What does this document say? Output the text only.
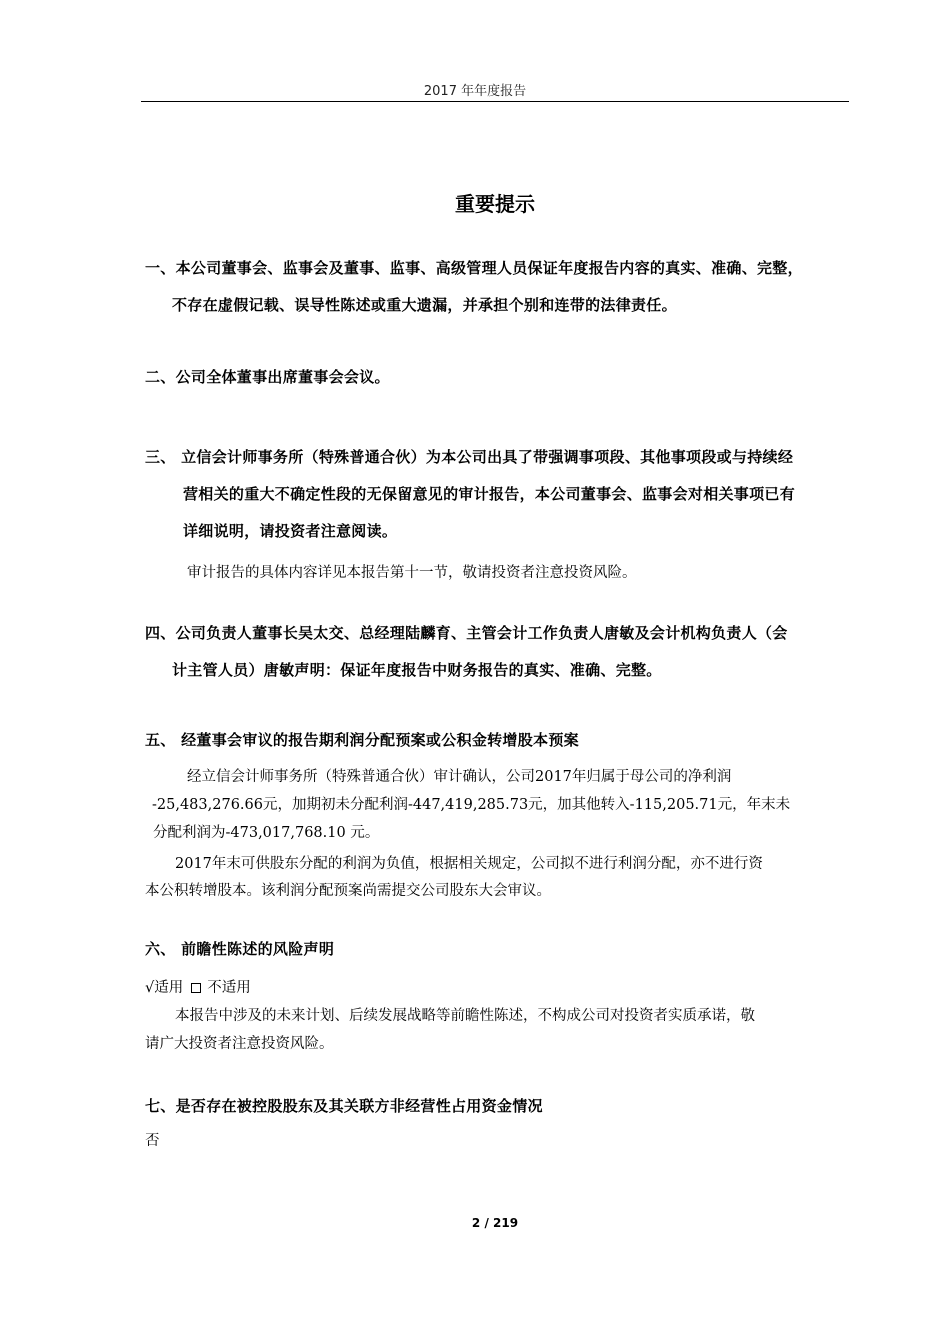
2017 年年度报告
重要提示
一、本公司董事会、监事会及董事、监事、高级管理人员保证年度报告内容的真实、准确、完整，
不存在虚假记载、误导性陈述或重大遗漏，并承担个别和连带的法律责任。
二、公司全体董事出席董事会会议。
三、 立信会计师事务所（特殊普通合伙）为本公司出具了带强调事项段、其他事项段或与持续经
营相关的重大不确定性段的无保留意见的审计报告，本公司董事会、监事会对相关事项已有
详细说明，请投资者注意阅读。
审计报告的具体内容详见本报告第十一节，敬请投资者注意投资风险。
四、公司负责人董事长吴太交、总经理陆麟育、主管会计工作负责人唐敏及会计机构负责人（会
计主管人员）唐敏声明：保证年度报告中财务报告的真实、准确、完整。
五、 经董事会审议的报告期利润分配预案或公积金转增股本预案
经立信会计师事务所（特殊普通合伙）审计确认，公司2017年归属于母公司的净利润
-25,483,276.66元，加期初未分配利润-447,419,285.73元，加其他转入-115,205.71元，年末未
分配利润为-473,017,768.10 元。
2017年末可供股东分配的利润为负值，根据相关规定，公司拟不进行利润分配，亦不进行资
本公积转增股本。该利润分配预案尚需提交公司股东大会审议。
六、 前瞻性陈述的风险声明
√适用 不适用
本报告中涉及的未来计划、后续发展战略等前瞻性陈述，不构成公司对投资者实质承诺，敬
请广大投资者注意投资风险。
七、是否存在被控股股东及其关联方非经营性占用资金情况
否
2 / 219
